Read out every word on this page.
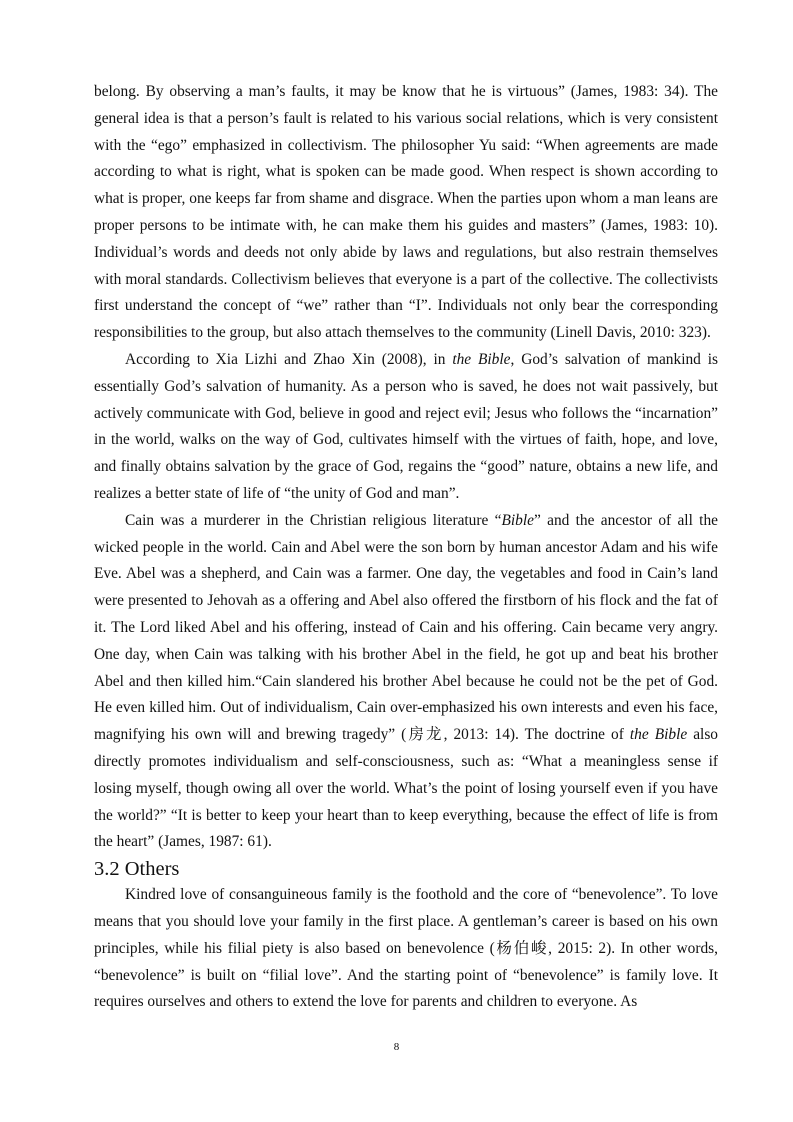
belong. By observing a man’s faults, it may be know that he is virtuous” (James, 1983: 34). The general idea is that a person’s fault is related to his various social relations, which is very consistent with the “ego” emphasized in collectivism. The philosopher Yu said: “When agreements are made according to what is right, what is spoken can be made good. When respect is shown according to what is proper, one keeps far from shame and disgrace. When the parties upon whom a man leans are proper persons to be intimate with, he can make them his guides and masters” (James, 1983: 10). Individual’s words and deeds not only abide by laws and regulations, but also restrain themselves with moral standards. Collectivism believes that everyone is a part of the collective. The collectivists first understand the concept of “we” rather than “I”. Individuals not only bear the corresponding responsibilities to the group, but also attach themselves to the community (Linell Davis, 2010: 323).

According to Xia Lizhi and Zhao Xin (2008), in the Bible, God’s salvation of mankind is essentially God’s salvation of humanity. As a person who is saved, he does not wait passively, but actively communicate with God, believe in good and reject evil; Jesus who follows the “incarnation” in the world, walks on the way of God, cultivates himself with the virtues of faith, hope, and love, and finally obtains salvation by the grace of God, regains the “good” nature, obtains a new life, and realizes a better state of life of “the unity of God and man”.

Cain was a murderer in the Christian religious literature “Bible” and the ancestor of all the wicked people in the world. Cain and Abel were the son born by human ancestor Adam and his wife Eve. Abel was a shepherd, and Cain was a farmer. One day, the vegetables and food in Cain’s land were presented to Jehovah as a offering and Abel also offered the firstborn of his flock and the fat of it. The Lord liked Abel and his offering, instead of Cain and his offering. Cain became very angry. One day, when Cain was talking with his brother Abel in the field, he got up and beat his brother Abel and then killed him.“Cain slandered his brother Abel because he could not be the pet of God. He even killed him. Out of individualism, Cain over-emphasized his own interests and even his face, magnifying his own will and brewing tragedy” (房龙, 2013: 14). The doctrine of the Bible also directly promotes individualism and self-consciousness, such as: “What a meaningless sense if losing myself, though owing all over the world. What’s the point of losing yourself even if you have the world?” “It is better to keep your heart than to keep everything, because the effect of life is from the heart” (James, 1987: 61).

3.2 Others

Kindred love of consanguineous family is the foothold and the core of “benevolence”. To love means that you should love your family in the first place. A gentleman’s career is based on his own principles, while his filial piety is also based on benevolence (杨伯峻, 2015: 2). In other words, “benevolence” is built on “filial love”. And the starting point of “benevolence” is family love. It requires ourselves and others to extend the love for parents and children to everyone. As

8
